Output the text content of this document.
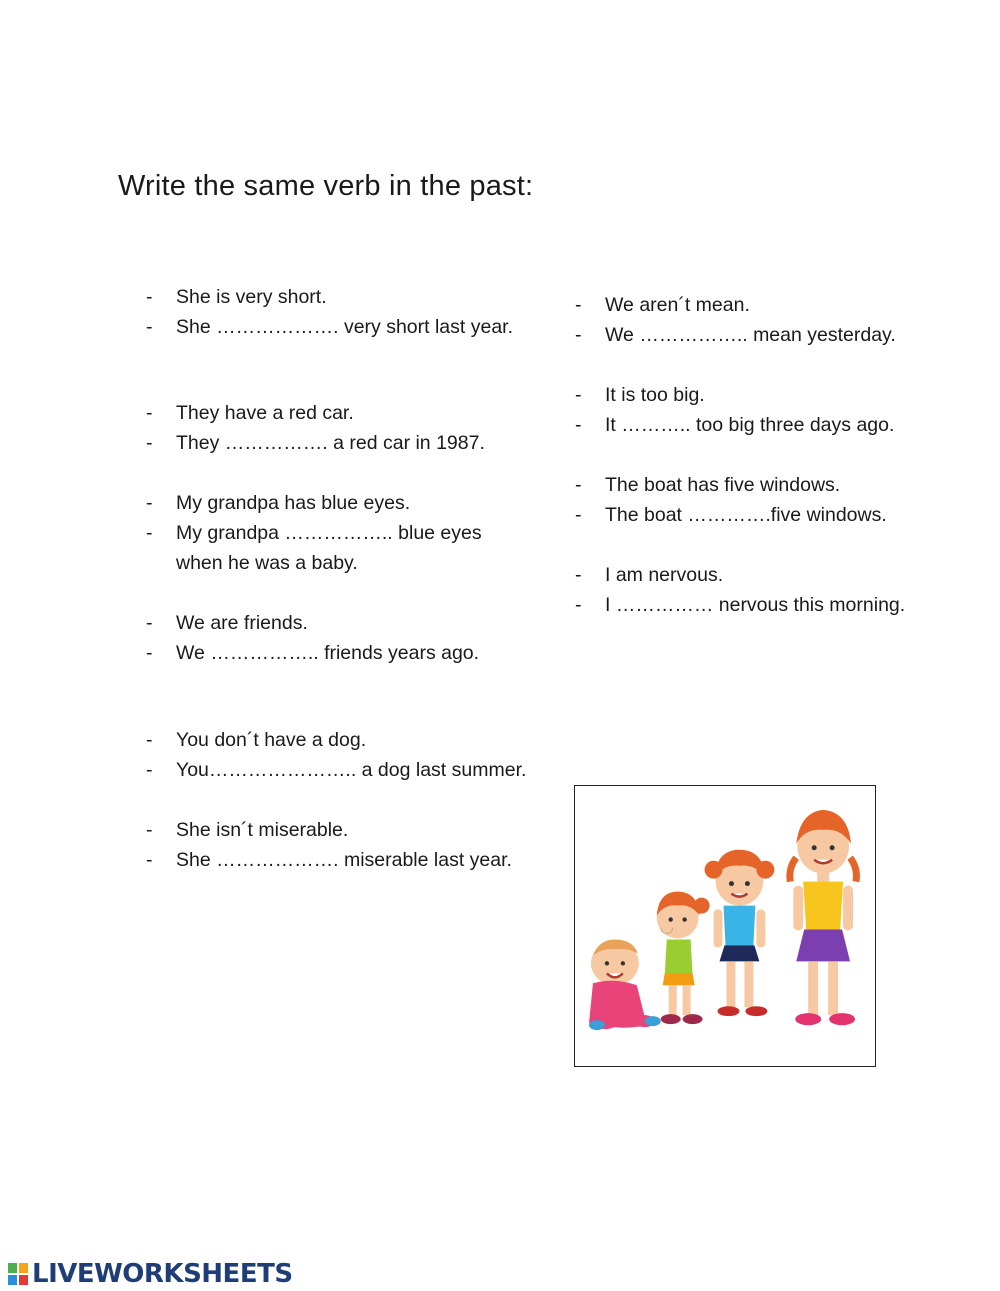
Write the same verb in the past:
- She is very short.
- She ………………. very short last year.
- They have a red car.
- They ……………. a red car in 1987.
- My grandpa has blue eyes.
- My grandpa …………….. blue eyes
when he was a baby.
- We are friends.
- We …………….. friends years ago.
- You don´t have a dog.
- You………………….. a dog last summer.
- She isn´t miserable.
- She ………………. miserable last year.
- We aren´t mean.
- We …………….. mean yesterday.
- It is too big.
- It ……….. too big three days ago.
- The boat has five windows.
- The boat ………….five windows.
- I am nervous.
- I …………… nervous this morning.
LIVEWORKSHEETS
